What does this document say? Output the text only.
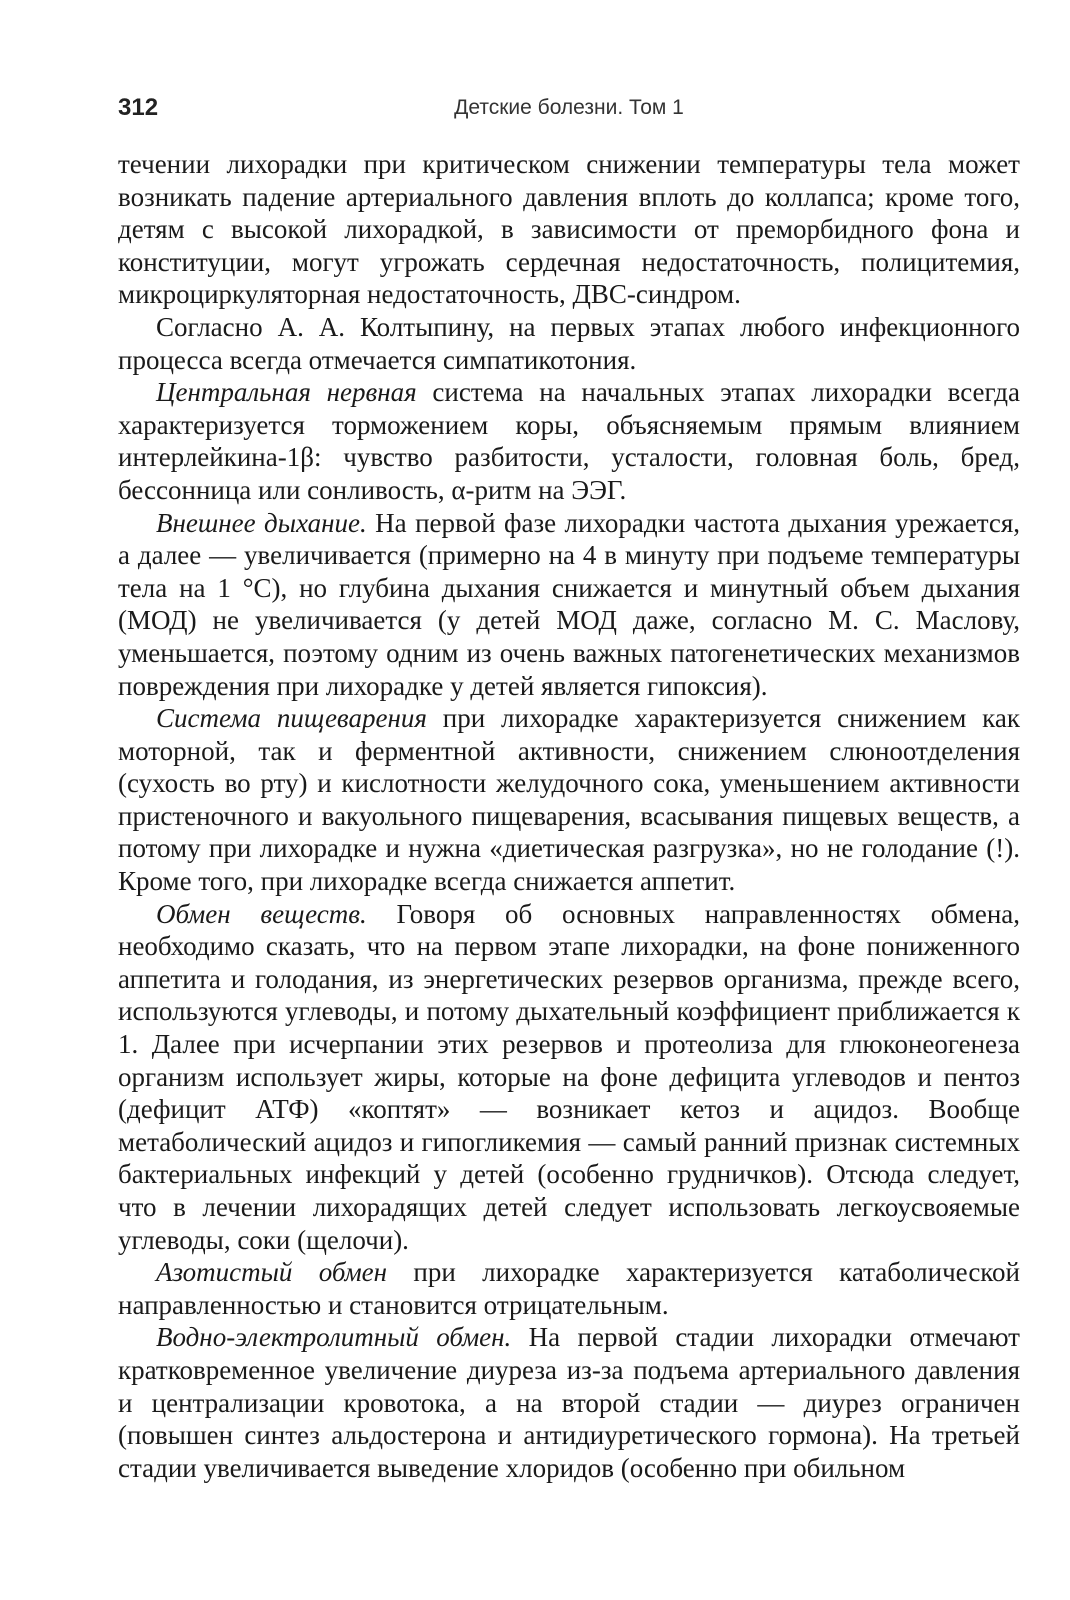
312	Детские болезни. Том 1

течении лихорадки при критическом снижении температуры тела может возникать падение артериального давления вплоть до коллапса; кроме того, детям с высокой лихорадкой, в зависимости от преморбидного фона и конституции, могут угрожать сердечная недостаточность, полицитемия, микроциркуляторная недостаточность, ДВС-синдром.

Согласно А. А. Колтыпину, на первых этапах любого инфекционного процесса всегда отмечается симпатикотония.

Центральная нервная система на начальных этапах лихорадки всегда характеризуется торможением коры, объясняемым прямым влиянием интерлейкина-1β: чувство разбитости, усталости, головная боль, бред, бессонница или сонливость, α-ритм на ЭЭГ.

Внешнее дыхание. На первой фазе лихорадки частота дыхания урежается, а далее — увеличивается (примерно на 4 в минуту при подъеме температуры тела на 1 °С), но глубина дыхания снижается и минутный объем дыхания (МОД) не увеличивается (у детей МОД даже, согласно М. С. Маслову, уменьшается, поэтому одним из очень важных патогенетических механизмов повреждения при лихорадке у детей является гипоксия).

Система пищеварения при лихорадке характеризуется снижением как моторной, так и ферментной активности, снижением слюноотделения (сухость во рту) и кислотности желудочного сока, уменьшением активности пристеночного и вакуольного пищеварения, всасывания пищевых веществ, а потому при лихорадке и нужна «диетическая разгрузка», но не голодание (!). Кроме того, при лихорадке всегда снижается аппетит.

Обмен веществ. Говоря об основных направленностях обмена, необходимо сказать, что на первом этапе лихорадки, на фоне пониженного аппетита и голодания, из энергетических резервов организма, прежде всего, используются углеводы, и потому дыхательный коэффициент приближается к 1. Далее при исчерпании этих резервов и протеолиза для глюконеогенеза организм использует жиры, которые на фоне дефицита углеводов и пентоз (дефицит АТФ) «коптят» — возникает кетоз и ацидоз. Вообще метаболический ацидоз и гипогликемия — самый ранний признак системных бактериальных инфекций у детей (особенно грудничков). Отсюда следует, что в лечении лихорадящих детей следует использовать легкоусвояемые углеводы, соки (щелочи).

Азотистый обмен при лихорадке характеризуется катаболической направленностью и становится отрицательным.

Водно-электролитный обмен. На первой стадии лихорадки отмечают кратковременное увеличение диуреза из-за подъема артериального давления и централизации кровотока, а на второй стадии — диурез ограничен (повышен синтез альдостерона и антидиуретического гормона). На третьей стадии увеличивается выведение хлоридов (особенно при обильном
